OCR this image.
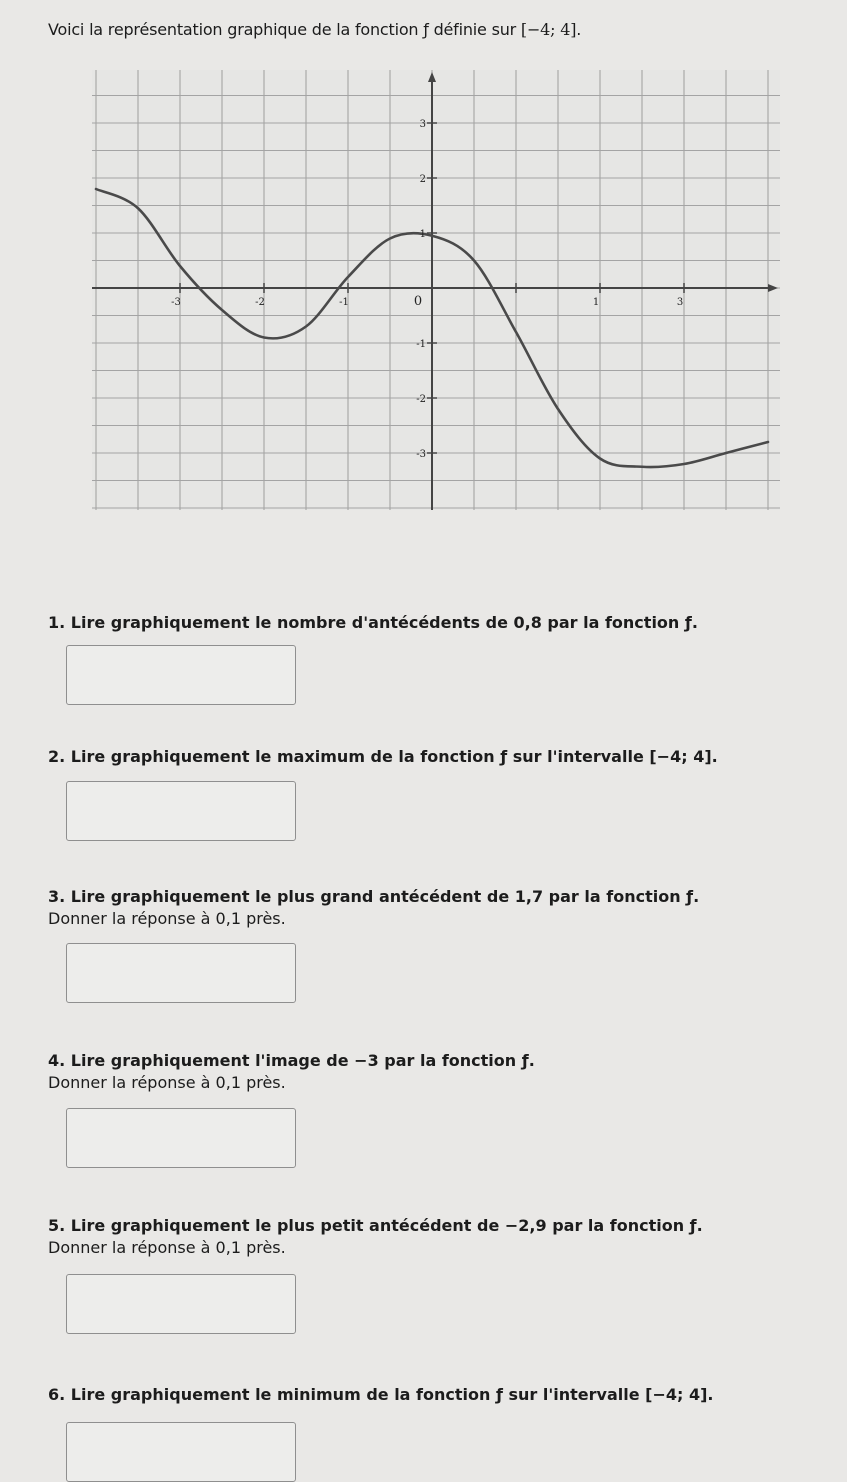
Voici la représentation graphique de la fonction ƒ définie sur [−4; 4].
-3	-2	-1	0	1	3
3
2
1
-1
-2
-3
1. Lire graphiquement le nombre d'antécédents de 0,8 par la fonction ƒ.
2. Lire graphiquement le maximum de la fonction ƒ sur l'intervalle [−4; 4].
3. Lire graphiquement le plus grand antécédent de 1,7 par la fonction ƒ.
Donner la réponse à 0,1 près.
4. Lire graphiquement l'image de −3 par la fonction ƒ.
Donner la réponse à 0,1 près.
5. Lire graphiquement le plus petit antécédent de −2,9 par la fonction ƒ.
Donner la réponse à 0,1 près.
6. Lire graphiquement le minimum de la fonction ƒ sur l'intervalle [−4; 4].
